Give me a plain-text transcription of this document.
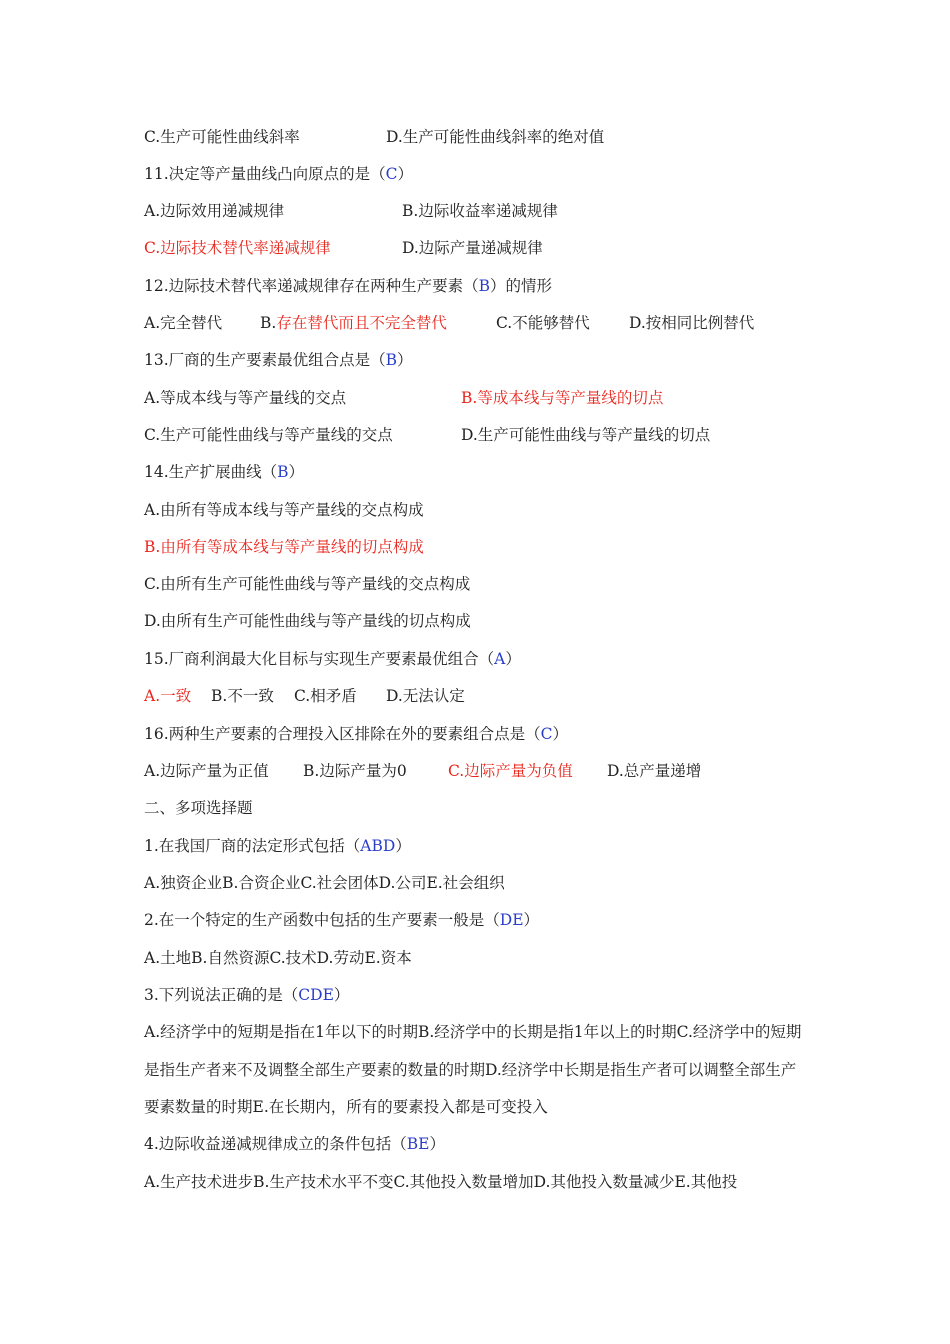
C.生产可能性曲线斜率	D.生产可能性曲线斜率的绝对值
11.决定等产量曲线凸向原点的是（C）
A.边际效用递减规律	B.边际收益率递减规律
C.边际技术替代率递减规律	D.边际产量递减规律
12.边际技术替代率递减规律存在两种生产要素（B）的情形
A.完全替代 B.存在替代而且不完全替代	C.不能够替代	D.按相同比例替代
13.厂商的生产要素最优组合点是（B）
A.等成本线与等产量线的交点	B.等成本线与等产量线的切点
C.生产可能性曲线与等产量线的交点	D.生产可能性曲线与等产量线的切点
14.生产扩展曲线（B）
A.由所有等成本线与等产量线的交点构成
B.由所有等成本线与等产量线的切点构成
C.由所有生产可能性曲线与等产量线的交点构成
D.由所有生产可能性曲线与等产量线的切点构成
15.厂商利润最大化目标与实现生产要素最优组合（A）
A.一致 B.不一致 C.相矛盾 D.无法认定
16.两种生产要素的合理投入区排除在外的要素组合点是（C）
A.边际产量为正值 B.边际产量为0	C.边际产量为负值 D.总产量递增
二、多项选择题
1.在我国厂商的法定形式包括（ABD）
A.独资企业B.合资企业C.社会团体D.公司E.社会组织
2.在一个特定的生产函数中包括的生产要素一般是（DE）
A.土地B.自然资源C.技术D.劳动E.资本
3.下列说法正确的是（CDE）
A.经济学中的短期是指在1年以下的时期B.经济学中的长期是指1年以上的时期C.经济学中的短期是指生产者来不及调整全部生产要素的数量的时期D.经济学中长期是指生产者可以调整全部生产要素数量的时期E.在长期内，所有的要素投入都是可变投入
4.边际收益递减规律成立的条件包括（BE）
A.生产技术进步B.生产技术水平不变C.其他投入数量增加D.其他投入数量减少E.其他投
